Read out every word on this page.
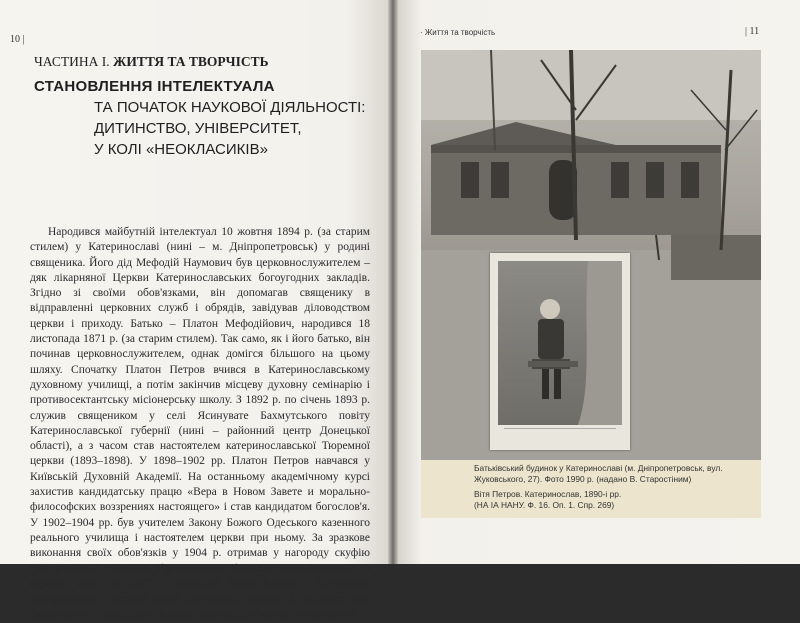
10 |
ЧАСТИНА I. ЖИТТЯ ТА ТВОРЧІСТЬ
СТАНОВЛЕННЯ ІНТЕЛЕКТУАЛА
ТА ПОЧАТОК НАУКОВОЇ ДІЯЛЬНОСТІ:
ДИТИНСТВО, УНІВЕРСИТЕТ,
У КОЛІ «НЕОКЛАСИКІВ»
Народився майбутній інтелектуал 10 жовтня 1894 р. (за старим стилем) у Катеринославі (нині – м. Дніпропетровськ) у родині священика. Його дід Мефодій Наумович був церковнослужителем – дяк лікарняної Церкви Катеринославських богоугодних закладів. Згідно зі своїми обов'язками, він допомагав священику в відправленні церковних служб і обрядів, завідував діловодством церкви і приходу. Батько – Платон Мефодійович, народився 18 листопада 1871 р. (за старим стилем). Так само, як і його батько, він починав церковнослужителем, однак домігся більшого на цьому шляху. Спочатку Платон Петров вчився в Катеринославському духовному училищі, а потім закінчив місцеву духовну семінарію і противосектантську місіонерську школу. З 1892 р. по січень 1893 р. служив священиком у селі Ясинувате Бахмутського повіту Катеринославської губернії (нині – районний центр Донецької області), а з часом став настоятелем катеринославської Тюремної церкви (1893–1898). У 1898–1902 рр. Платон Петров навчався у Київській Духовній Академії. На останньому академічному курсі захистив кандидатську працю «Вера в Новом Завете и морально-философских воззрениях настоящего» і став кандидатом богослов'я. У 1902–1904 рр. був учителем Закону Божого Одеського казенного реального училища і настоятелем церкви при ньому. За зразкове виконання своїх обов'язків у 1904 р. отримав у нагороду скуфію (гостроверхий головний убір з чорного або фіолетового оксамиту). З вересня 1904 по 1907 р. викладав закон Божий в Одеському комерційному училищі імені імператора Миколи I, водночас був священиком Олександро-Невської церкви при цьому навчальному
· Життя та творчість	| 11

Батьківський будинок у Катеринославі (м. Дніпропетровськ, вул. Жуковського, 27). Фото 1990 р. (надано В. Старостіним)

Вітя Петров. Катеринослав, 1890-і рр.

(НА ІА НАНУ. Ф. 16. Оп. 1. Спр. 269)
